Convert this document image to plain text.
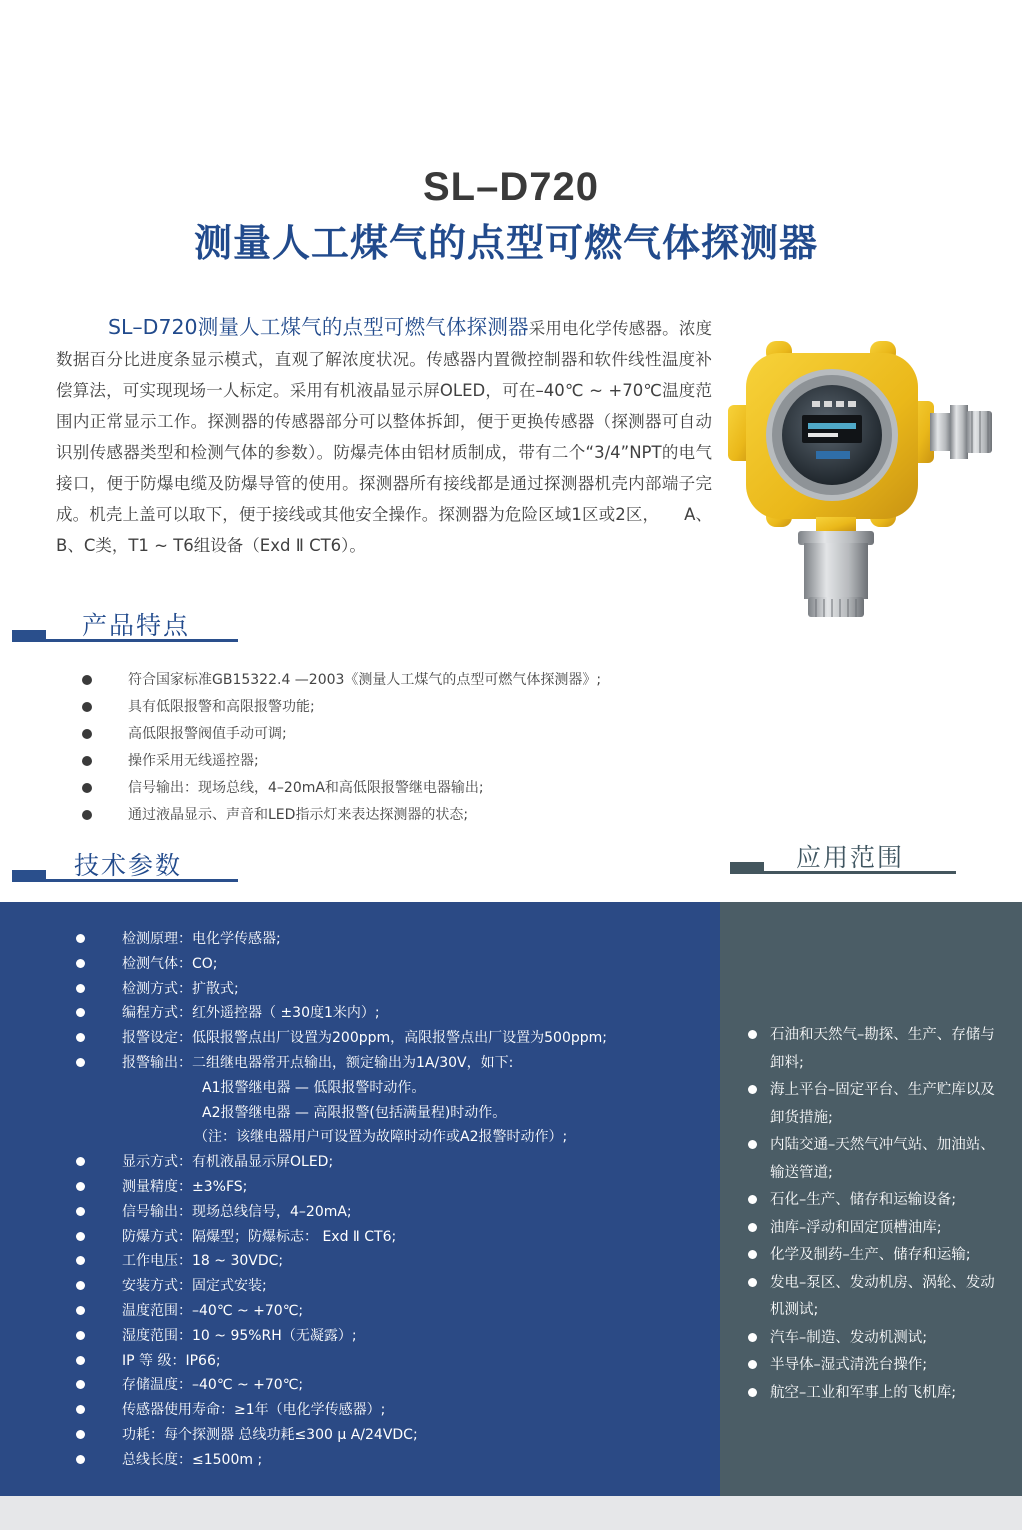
SL–D720
测量人工煤气的点型可燃气体探测器

SL–D720测量人工煤气的点型可燃气体探测器采用电化学传感器。浓度数据百分比进度条显示模式，直观了解浓度状况。传感器内置微控制器和软件线性温度补偿算法，可实现现场一人标定。采用有机液晶显示屏OLED，可在–40℃ ~ +70℃温度范围内正常显示工作。探测器的传感器部分可以整体拆卸，便于更换传感器（探测器可自动识别传感器类型和检测气体的参数）。防爆壳体由铝材质制成，带有二个“3/4”NPT的电气接口，便于防爆电缆及防爆导管的使用。探测器所有接线都是通过探测器机壳内部端子完成。机壳上盖可以取下，便于接线或其他安全操作。探测器为危险区域1区或2区，　　A、B、C类，T1 ~ T6组设备（Exd Ⅱ CT6）。

产品特点
符合国家标准GB15322.4 —2003《测量人工煤气的点型可燃气体探测器》;
具有低限报警和高限报警功能;
高低限报警阀值手动可调;
操作采用无线遥控器;
信号输出：现场总线，4–20mA和高低限报警继电器输出;
通过液晶显示、声音和LED指示灯来表达探测器的状态;
技术参数	应用范围
检测原理：电化学传感器;
检测气体：CO;
检测方式：扩散式;
编程方式：红外遥控器（ ±30度1米内）;
报警设定：低限报警点出厂设置为200ppm，高限报警点出厂设置为500ppm;
报警输出：二组继电器常开点输出，额定输出为1A/30V，如下:
A1报警继电器 — 低限报警时动作。
A2报警继电器 — 高限报警(包括满量程)时动作。
（注：该继电器用户可设置为故障时动作或A2报警时动作）;
显示方式：有机液晶显示屏OLED;
测量精度：±3%FS;
信号输出：现场总线信号，4–20mA;
防爆方式：隔爆型；防爆标志： Exd Ⅱ CT6;
工作电压：18 ~ 30VDC;
安装方式：固定式安装;
温度范围：–40℃ ~ +70℃;
湿度范围：10 ~ 95%RH（无凝露）;
IP 等 级：IP66;
存储温度：–40℃ ~ +70℃;
传感器使用寿命：≥1年（电化学传感器）;
功耗：每个探测器 总线功耗≤300 μ A/24VDC;
总线长度：≤1500m ;
石油和天然气–勘探、生产、存储与卸料;
海上平台–固定平台、生产贮库以及卸货措施;
内陆交通–天然气冲气站、加油站、输送管道;
石化–生产、储存和运输设备;
油库–浮动和固定顶槽油库;
化学及制药–生产、储存和运输;
发电–泵区、发动机房、涡轮、发动机测试;
汽车–制造、发动机测试;
半导体–湿式清洗台操作;
航空–工业和军事上的飞机库;
